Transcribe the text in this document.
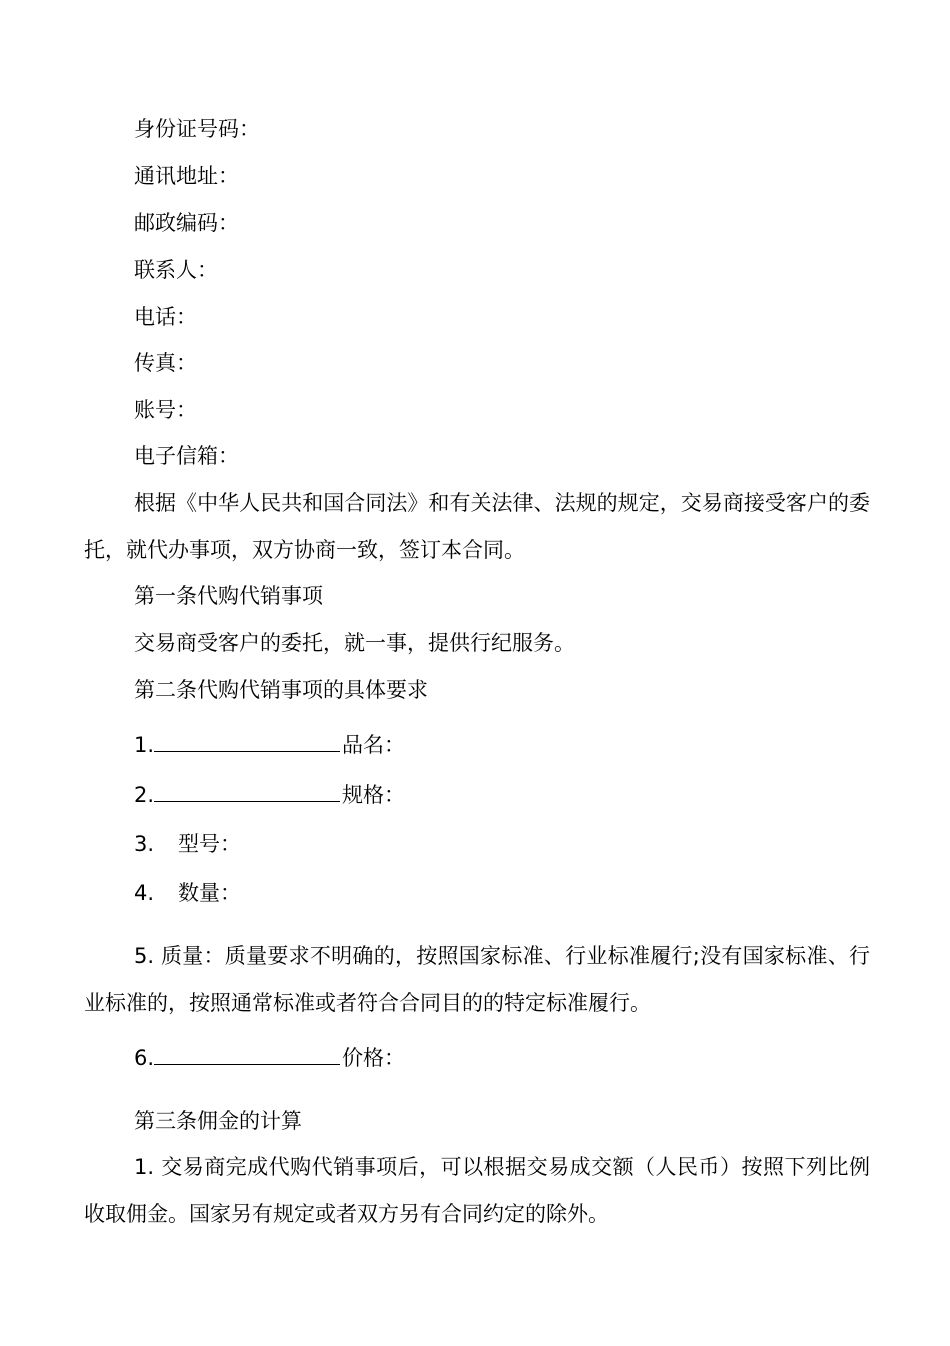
身份证号码：
通讯地址：
邮政编码：
联系人：
电话：
传真：
账号：
电子信箱：
根据《中华人民共和国合同法》和有关法律、法规的规定，交易商接受客户的委托，就代办事项，双方协商一致，签订本合同。
第一条代购代销事项
交易商受客户的委托，就一事，提供行纪服务。
第二条代购代销事项的具体要求
1.	品名：
2.	规格：
3. 型号：
4. 数量：
5. 质量：质量要求不明确的，按照国家标准、行业标准履行;没有国家标准、行业标准的，按照通常标准或者符合合同目的的特定标准履行。
6.	价格：
第三条佣金的计算
1. 交易商完成代购代销事项后，可以根据交易成交额（人民币）按照下列比例收取佣金。国家另有规定或者双方另有合同约定的除外。
